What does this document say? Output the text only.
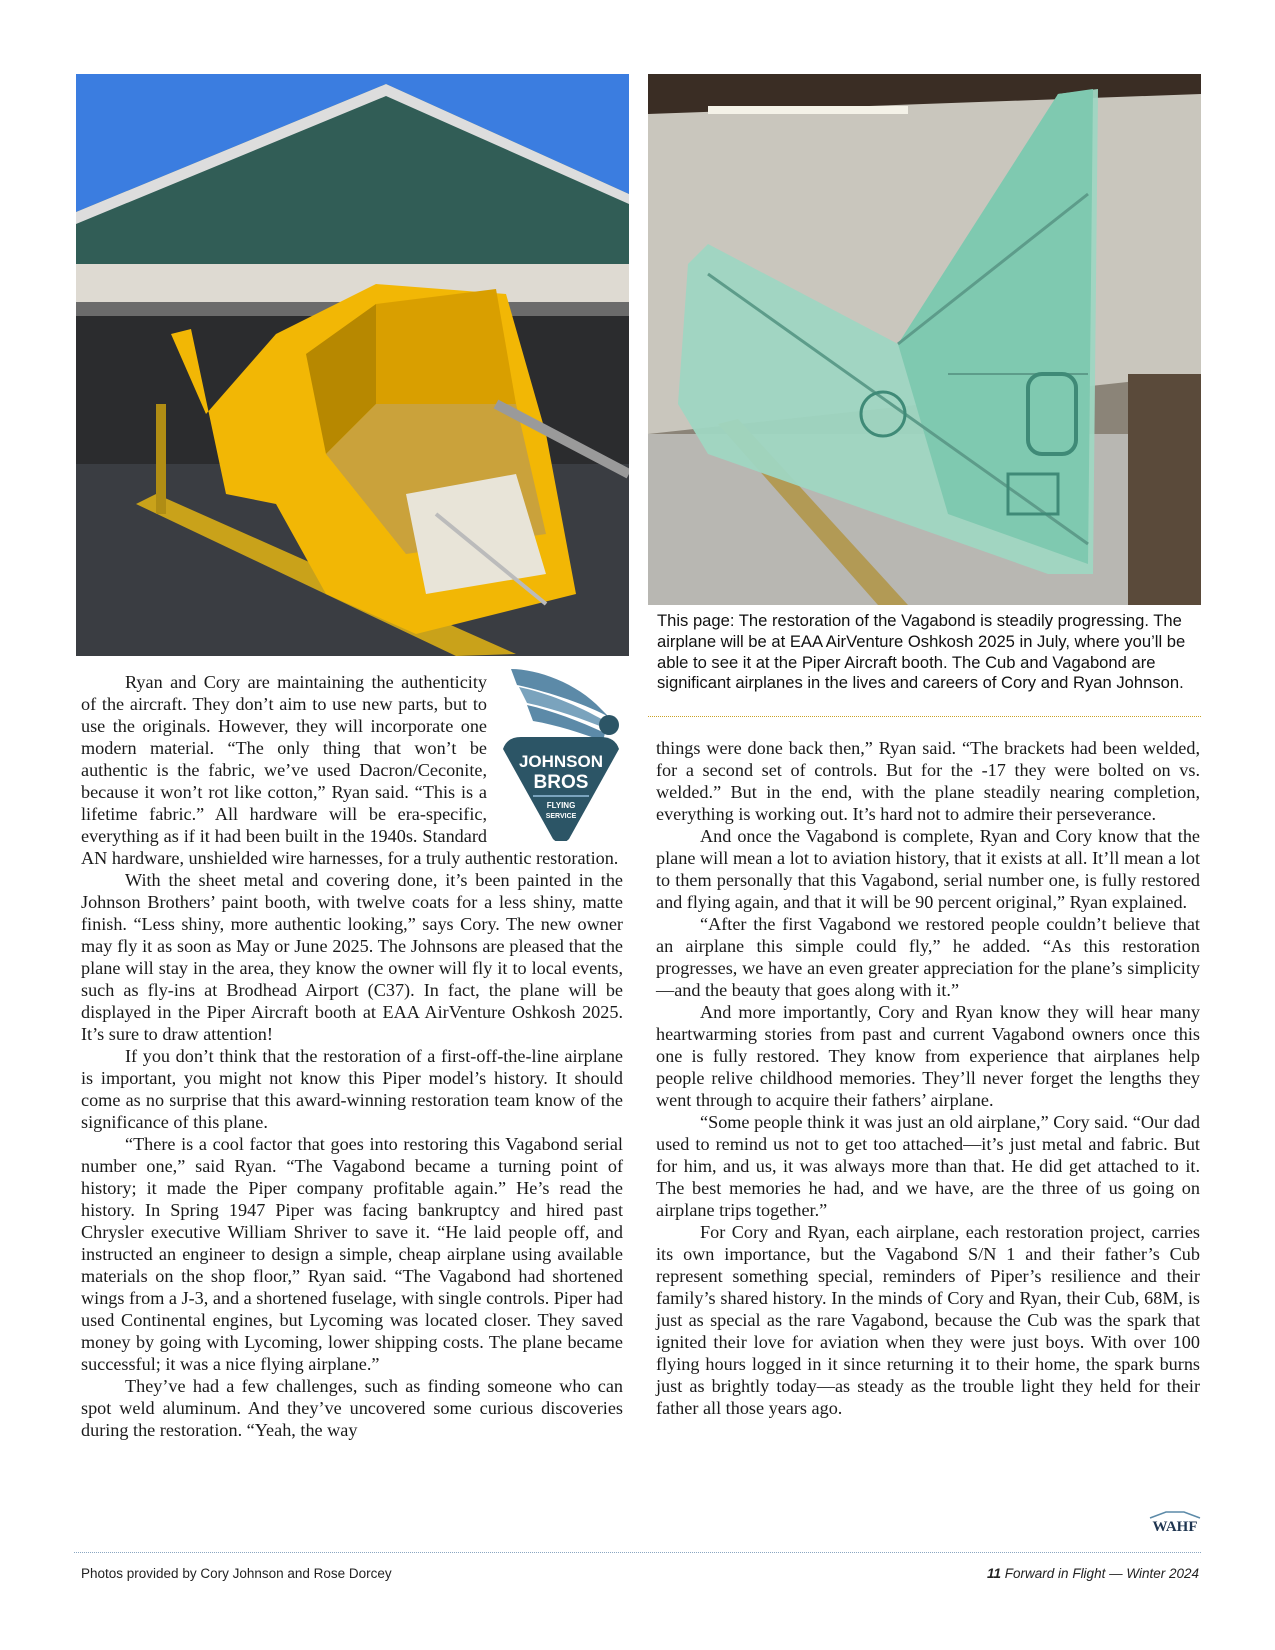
This page: The restoration of the Vagabond is steadily progressing. The airplane will be at EAA AirVenture Oshkosh 2025 in July, where you’ll be able to see it at the Piper Aircraft booth. The Cub and Vagabond are significant airplanes in the lives and careers of Cory and Ryan Johnson.
JOHNSON
BROS
FLYING
SERVICE

Ryan and Cory are maintaining the authenticity of the aircraft. They don’t aim to use new parts, but to use the originals. However, they will incorporate one modern material. “The only thing that won’t be authentic is the fabric, we’ve used Dacron/Ceconite, because it won’t rot like cotton,” Ryan said. “This is a lifetime fabric.” All hardware will be era-specific, everything as if it had been built in the 1940s. Standard AN hardware, unshielded wire harnesses, for a truly authentic restoration.

With the sheet metal and covering done, it’s been painted in the Johnson Brothers’ paint booth, with twelve coats for a less shiny, matte finish. “Less shiny, more authentic looking,” says Cory. The new owner may fly it as soon as May or June 2025. The Johnsons are pleased that the plane will stay in the area, they know the owner will fly it to local events, such as fly-ins at Brodhead Airport (C37). In fact, the plane will be displayed in the Piper Aircraft booth at EAA AirVenture Oshkosh 2025. It’s sure to draw attention!

If you don’t think that the restoration of a first-off-the-line airplane is important, you might not know this Piper model’s history. It should come as no surprise that this award-winning restoration team know of the significance of this plane.

“There is a cool factor that goes into restoring this Vagabond serial number one,” said Ryan. “The Vagabond became a turning point of history; it made the Piper company profitable again.” He’s read the history. In Spring 1947 Piper was facing bankruptcy and hired past Chrysler executive William Shriver to save it. “He laid people off, and instructed an engineer to design a simple, cheap airplane using available materials on the shop floor,” Ryan said. “The Vagabond had shortened wings from a J-3, and a shortened fuselage, with single controls. Piper had used Continental engines, but Lycoming was located closer. They saved money by going with Lycoming, lower shipping costs. The plane became successful; it was a nice flying airplane.”

They’ve had a few challenges, such as finding someone who can spot weld aluminum. And they’ve uncovered some curious discoveries during the restoration. “Yeah, the way

things were done back then,” Ryan said. “The brackets had been welded, for a second set of controls. But for the -17 they were bolted on vs. welded.” But in the end, with the plane steadily nearing completion, everything is working out. It’s hard not to admire their perseverance.

And once the Vagabond is complete, Ryan and Cory know that the plane will mean a lot to aviation history, that it exists at all. It’ll mean a lot to them personally that this Vagabond, serial number one, is fully restored and flying again, and that it will be 90 percent original,” Ryan explained.

“After the first Vagabond we restored people couldn’t believe that an airplane this simple could fly,” he added. “As this restoration progresses, we have an even greater appreciation for the plane’s simplicity—and the beauty that goes along with it.”

And more importantly, Cory and Ryan know they will hear many heartwarming stories from past and current Vagabond owners once this one is fully restored. They know from experience that airplanes help people relive childhood memories. They’ll never forget the lengths they went through to acquire their fathers’ airplane.

“Some people think it was just an old airplane,” Cory said. “Our dad used to remind us not to get too attached—it’s just metal and fabric. But for him, and us, it was always more than that. He did get attached to it. The best memories he had, and we have, are the three of us going on airplane trips together.”

For Cory and Ryan, each airplane, each restoration project, carries its own importance, but the Vagabond S/N 1 and their father’s Cub represent something special, reminders of Piper’s resilience and their family’s shared history. In the minds of Cory and Ryan, their Cub, 68M, is just as special as the rare Vagabond, because the Cub was the spark that ignited their love for aviation when they were just boys. With over 100 flying hours logged in it since returning it to their home, the spark burns just as brightly today—as steady as the trouble light they held for their father all those years ago.

WAHF
Photos provided by Cory Johnson and Rose Dorcey	11 Forward in Flight — Winter 2024
